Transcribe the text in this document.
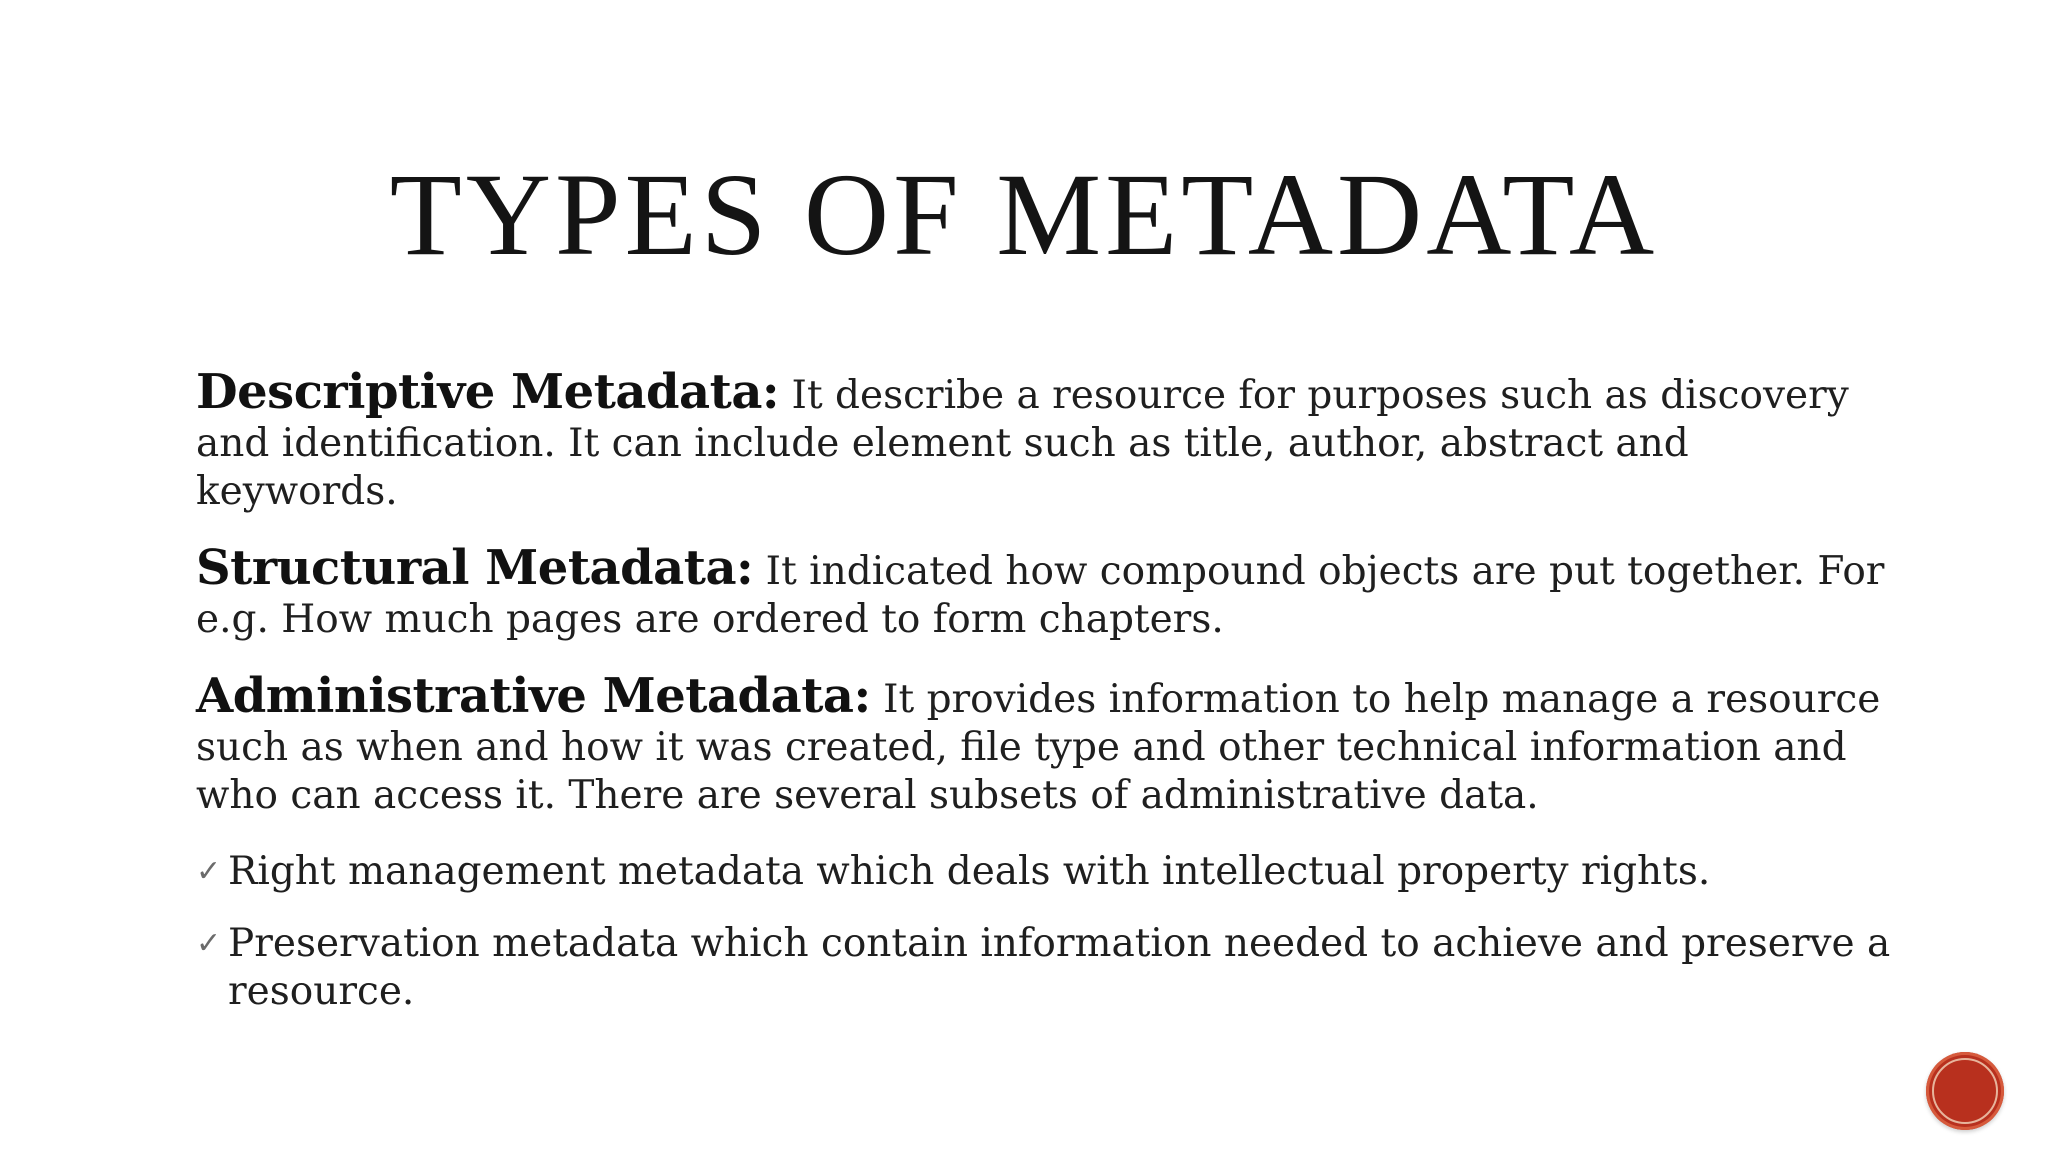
TYPES OF METADATA

Descriptive Metadata: It describe a resource for purposes such as discovery and identification. It can include element such as title, author, abstract and keywords.

Structural Metadata: It indicated how compound objects are put together. For e.g. How much pages are ordered to form chapters.

Administrative Metadata: It provides information to help manage a resource such as when and how it was created, file type and other technical information and who can access it. There are several subsets of administrative data.

✓ Right management metadata which deals with intellectual property rights.
✓ Preservation metadata which contain information needed to achieve and preserve a resource.
